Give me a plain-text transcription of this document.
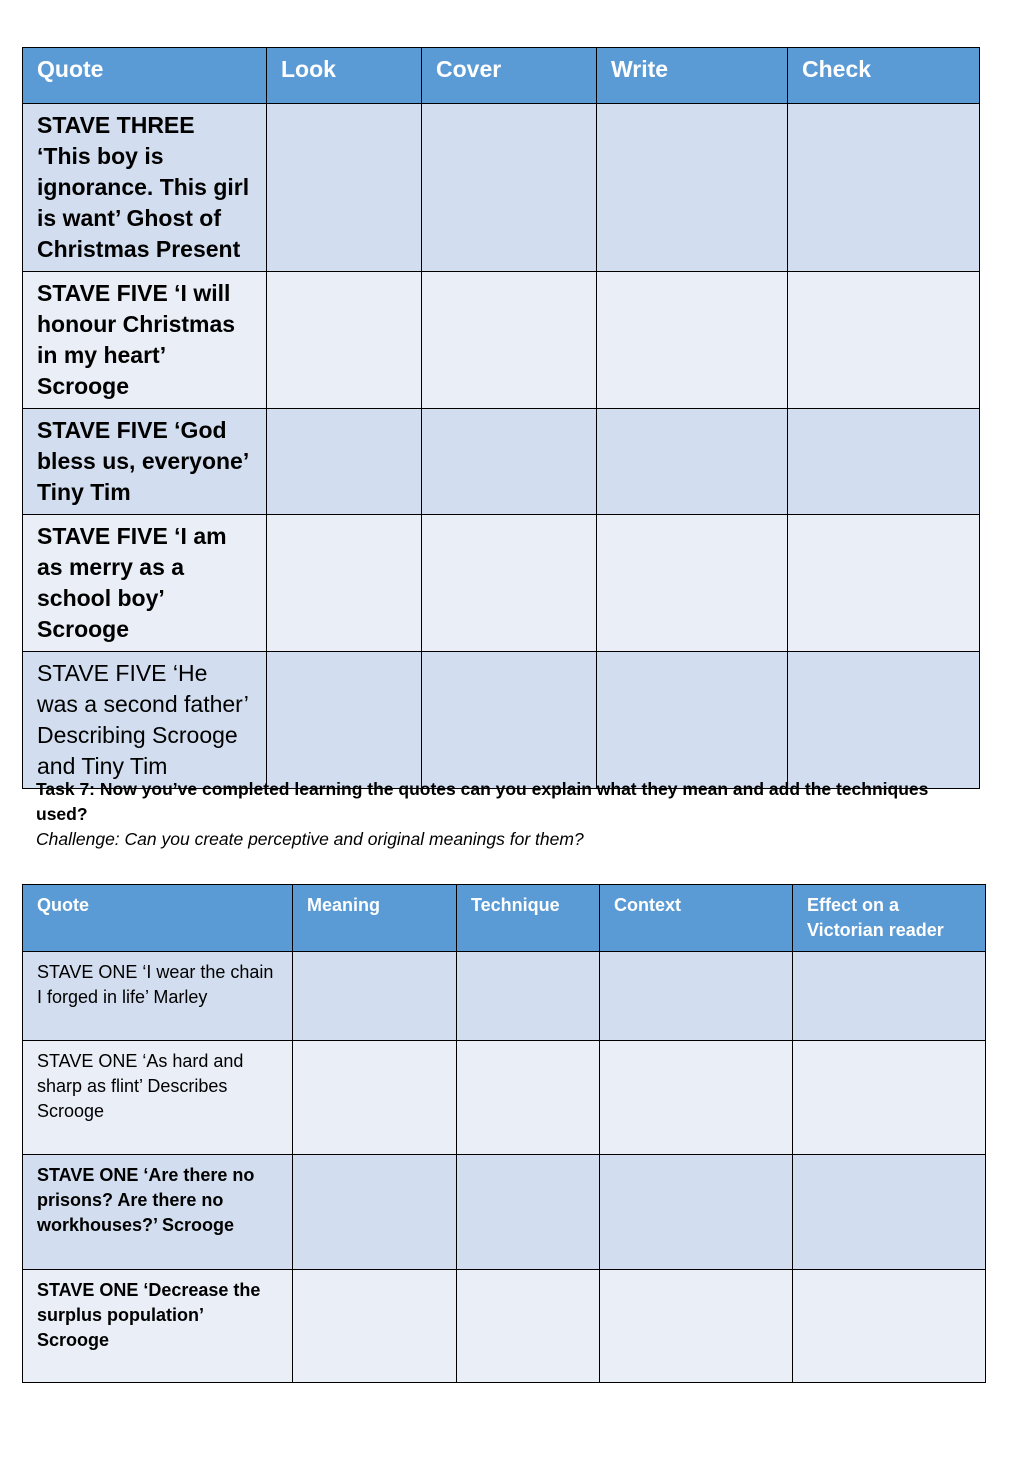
Quote	Look	Cover	Write	Check
STAVE THREE ‘This boy is ignorance. This girl is want’ Ghost of Christmas Present				
STAVE FIVE ‘I will honour Christmas in my heart’ Scrooge				
STAVE FIVE ‘God bless us, everyone’ Tiny Tim				
STAVE FIVE ‘I am as merry as a school boy’ Scrooge				
STAVE FIVE ‘He was a second father’ Describing Scrooge and Tiny Tim				
Task 7: Now you’ve completed learning the quotes can you explain what they mean and add the techniques used?
Challenge: Can you create perceptive and original meanings for them?
Quote	Meaning	Technique	Context	Effect on a Victorian reader
STAVE ONE ‘I wear the chain I forged in life’ Marley				
STAVE ONE ‘As hard and sharp as flint’ Describes Scrooge				
STAVE ONE ‘Are there no prisons? Are there no workhouses?’ Scrooge				
STAVE ONE ‘Decrease the surplus population’ Scrooge				
